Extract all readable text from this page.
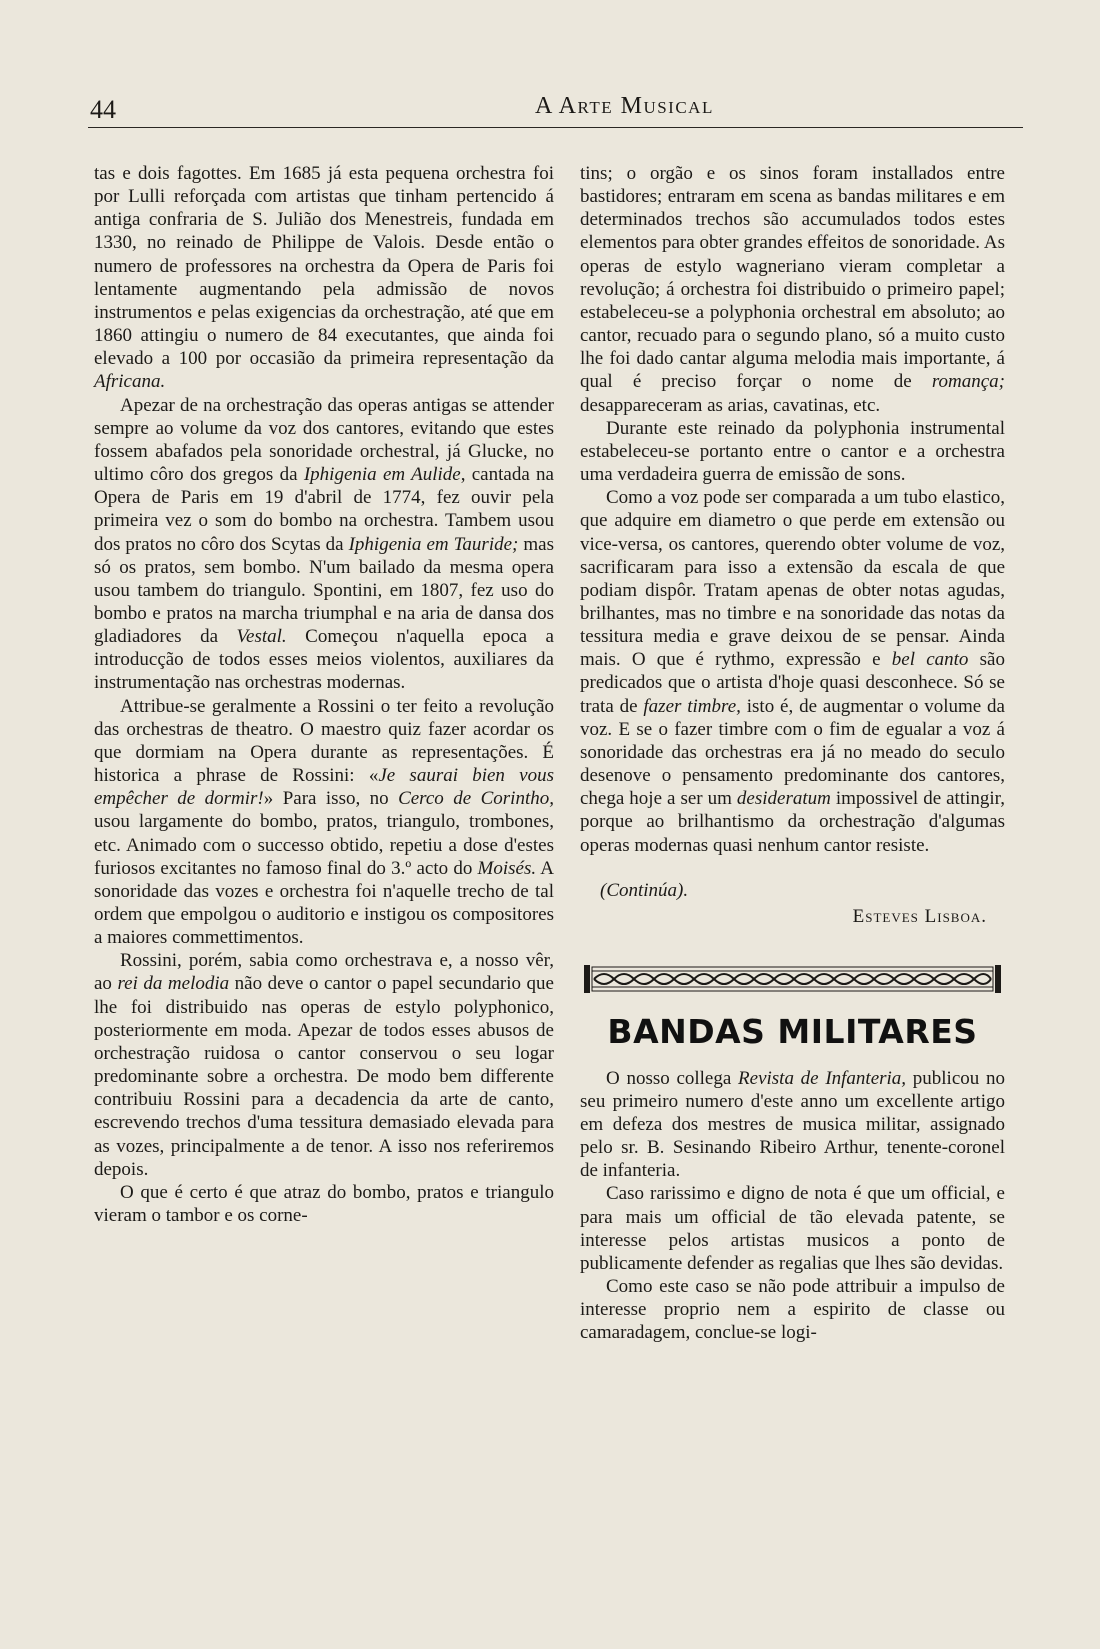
44	A Arte Musical

tas e dois fagottes. Em 1685 já esta pequena orchestra foi por Lulli reforçada com artistas que tinham pertencido á antiga confraria de S. Julião dos Menestreis, fundada em 1330, no reinado de Philippe de Valois. Desde então o numero de professores na orchestra da Opera de Paris foi lentamente augmentando pela admissão de novos instrumentos e pelas exigencias da orchestração, até que em 1860 attingiu o numero de 84 executantes, que ainda foi elevado a 100 por occasião da primeira representação da Africana.

Apezar de na orchestração das operas antigas se attender sempre ao volume da voz dos cantores, evitando que estes fossem abafados pela sonoridade orchestral, já Glucke, no ultimo côro dos gregos da Iphigenia em Aulide, cantada na Opera de Paris em 19 d'abril de 1774, fez ouvir pela primeira vez o som do bombo na orchestra. Tambem usou dos pratos no côro dos Scytas da Iphigenia em Tauride; mas só os pratos, sem bombo. N'um bailado da mesma opera usou tambem do triangulo. Spontini, em 1807, fez uso do bombo e pratos na marcha triumphal e na aria de dansa dos gladiadores da Vestal. Começou n'aquella epoca a introducção de todos esses meios violentos, auxiliares da instrumentação nas orchestras modernas.

Attribue-se geralmente a Rossini o ter feito a revolução das orchestras de theatro. O maestro quiz fazer acordar os que dormiam na Opera durante as representações. É historica a phrase de Rossini: «Je saurai bien vous empêcher de dormir!» Para isso, no Cerco de Corintho, usou largamente do bombo, pratos, triangulo, trombones, etc. Animado com o successo obtido, repetiu a dose d'estes furiosos excitantes no famoso final do 3.º acto do Moisés. A sonoridade das vozes e orchestra foi n'aquelle trecho de tal ordem que empolgou o auditorio e instigou os compositores a maiores commettimentos.

Rossini, porém, sabia como orchestrava e, a nosso vêr, ao rei da melodia não deve o cantor o papel secundario que lhe foi distribuido nas operas de estylo polyphonico, posteriormente em moda. Apezar de todos esses abusos de orchestração ruidosa o cantor conservou o seu logar predominante sobre a orchestra. De modo bem differente contribuiu Rossini para a decadencia da arte de canto, escrevendo trechos d'uma tessitura demasiado elevada para as vozes, principalmente a de tenor. A isso nos referiremos depois.

O que é certo é que atraz do bombo, pratos e triangulo vieram o tambor e os corne-

tins; o orgão e os sinos foram installados entre bastidores; entraram em scena as bandas militares e em determinados trechos são accumulados todos estes elementos para obter grandes effeitos de sonoridade. As operas de estylo wagneriano vieram completar a revolução; á orchestra foi distribuido o primeiro papel; estabeleceu-se a polyphonia orchestral em absoluto; ao cantor, recuado para o segundo plano, só a muito custo lhe foi dado cantar alguma melodia mais importante, á qual é preciso forçar o nome de romança; desappareceram as arias, cavatinas, etc.

Durante este reinado da polyphonia instrumental estabeleceu-se portanto entre o cantor e a orchestra uma verdadeira guerra de emissão de sons.

Como a voz pode ser comparada a um tubo elastico, que adquire em diametro o que perde em extensão ou vice-versa, os cantores, querendo obter volume de voz, sacrificaram para isso a extensão da escala de que podiam dispôr. Tratam apenas de obter notas agudas, brilhantes, mas no timbre e na sonoridade das notas da tessitura media e grave deixou de se pensar. Ainda mais. O que é rythmo, expressão e bel canto são predicados que o artista d'hoje quasi desconhece. Só se trata de fazer timbre, isto é, de augmentar o volume da voz. E se o fazer timbre com o fim de egualar a voz á sonoridade das orchestras era já no meado do seculo desenove o pensamento predominante dos cantores, chega hoje a ser um desideratum impossivel de attingir, porque ao brilhantismo da orchestração d'algumas operas modernas quasi nenhum cantor resiste.

(Continúa).
Esteves Lisboa.
BANDAS MILITARES

O nosso collega Revista de Infanteria, publicou no seu primeiro numero d'este anno um excellente artigo em defeza dos mestres de musica militar, assignado pelo sr. B. Sesinando Ribeiro Arthur, tenente-coronel de infanteria.

Caso rarissimo e digno de nota é que um official, e para mais um official de tão elevada patente, se interesse pelos artistas musicos a ponto de publicamente defender as regalias que lhes são devidas.

Como este caso se não pode attribuir a impulso de interesse proprio nem a espirito de classe ou camaradagem, conclue-se logi-
